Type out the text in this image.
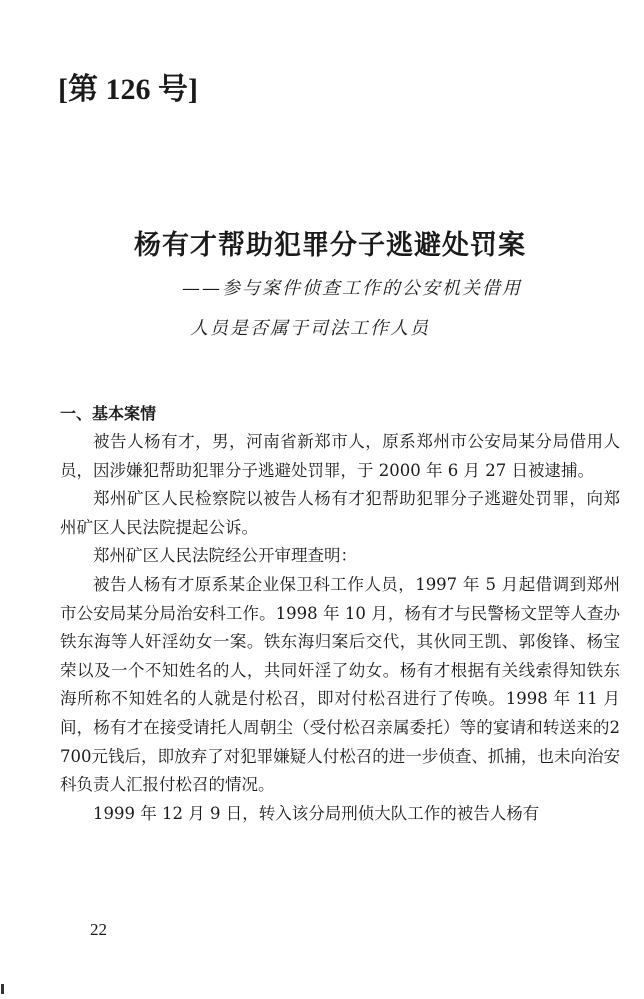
[第 126 号]
杨有才帮助犯罪分子逃避处罚案
——参与案件侦查工作的公安机关借用
人员是否属于司法工作人员
一、基本案情

被告人杨有才，男，河南省新郑市人，原系郑州市公安局某分局借用人员，因涉嫌犯帮助犯罪分子逃避处罚罪，于 2000 年 6 月 27 日被逮捕。

郑州矿区人民检察院以被告人杨有才犯帮助犯罪分子逃避处罚罪，向郑州矿区人民法院提起公诉。

郑州矿区人民法院经公开审理查明：

被告人杨有才原系某企业保卫科工作人员，1997 年 5 月起借调到郑州市公安局某分局治安科工作。1998 年 10 月，杨有才与民警杨文罡等人查办铁东海等人奸淫幼女一案。铁东海归案后交代，其伙同王凯、郭俊锋、杨宝荣以及一个不知姓名的人，共同奸淫了幼女。杨有才根据有关线索得知铁东海所称不知姓名的人就是付松召，即对付松召进行了传唤。1998 年 11 月间，杨有才在接受请托人周朝尘（受付松召亲属委托）等的宴请和转送来的2 700元钱后，即放弃了对犯罪嫌疑人付松召的进一步侦查、抓捕，也未向治安科负责人汇报付松召的情况。

1999 年 12 月 9 日，转入该分局刑侦大队工作的被告人杨有

22
